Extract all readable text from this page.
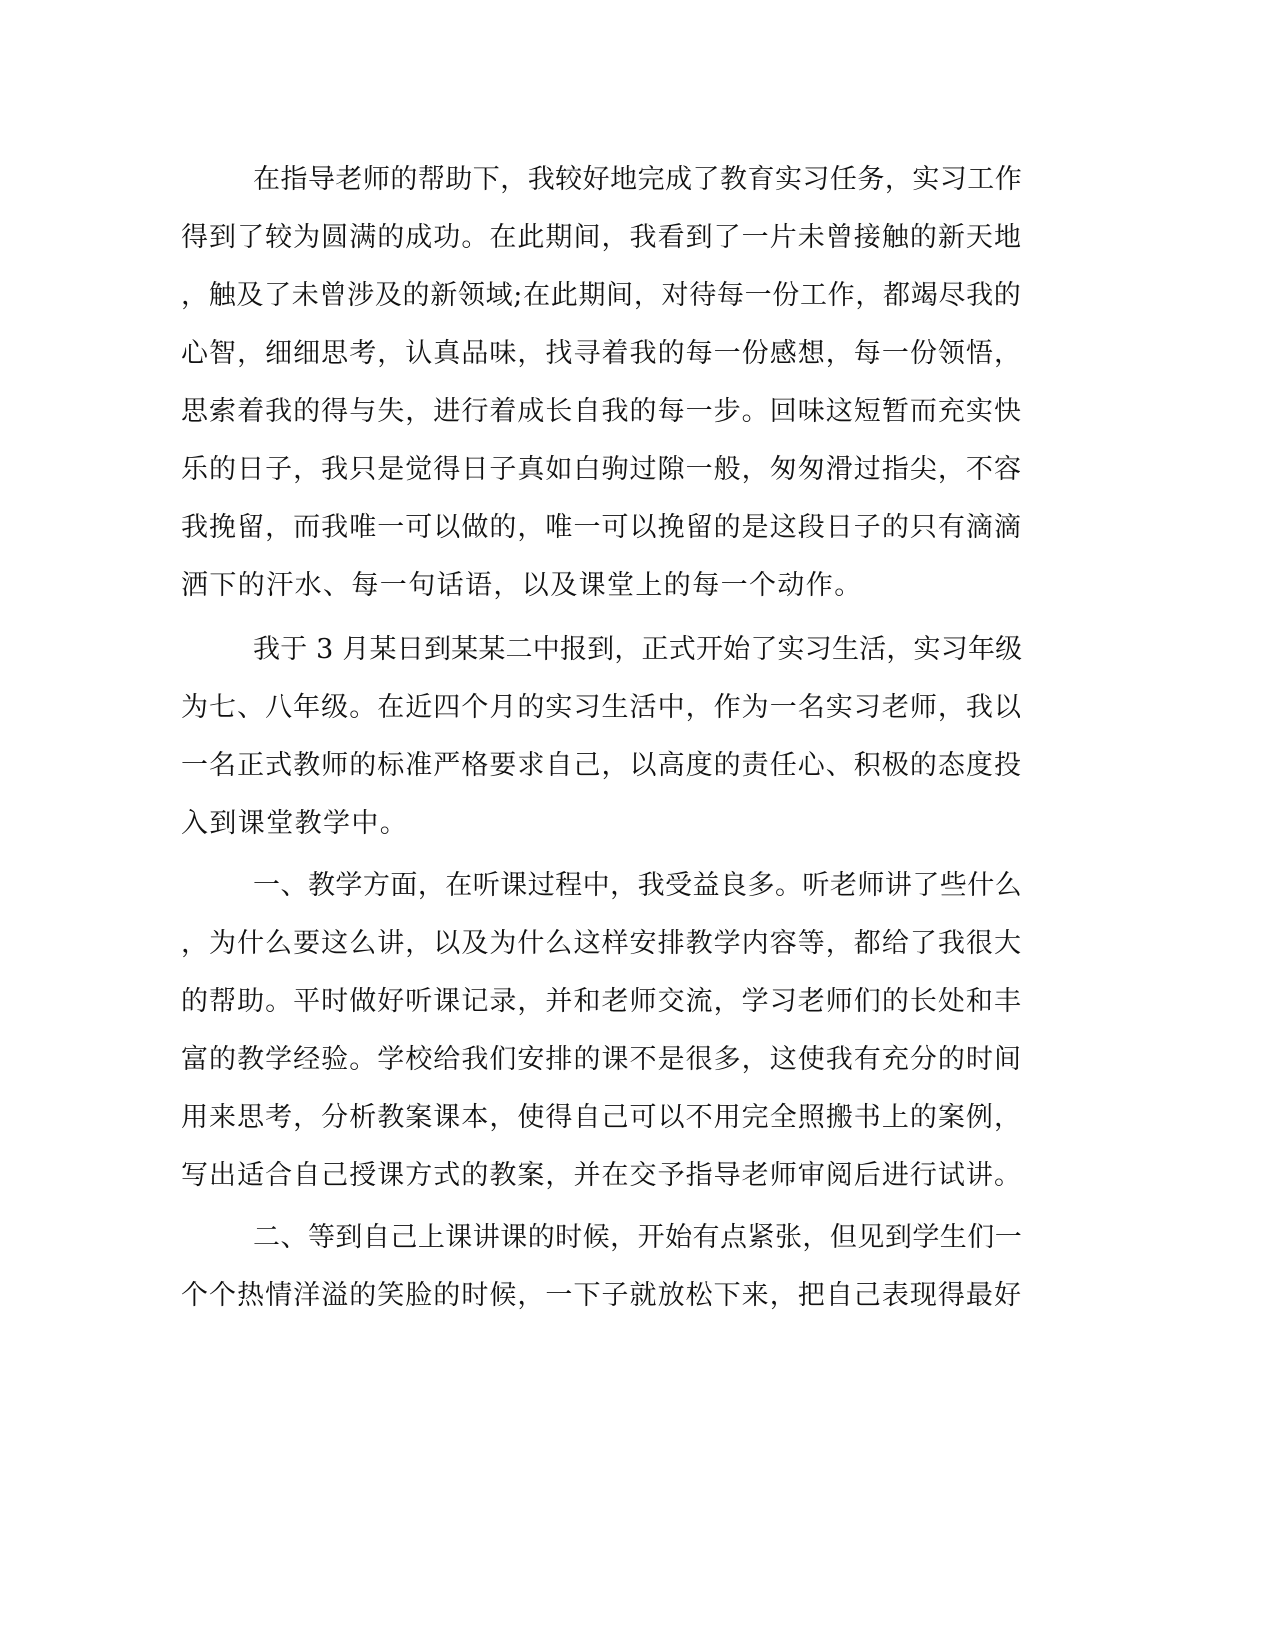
在指导老师的帮助下，我较好地完成了教育实习任务，实习工作
得到了较为圆满的成功。在此期间，我看到了一片未曾接触的新天地
，触及了未曾涉及的新领域;在此期间，对待每一份工作，都竭尽我的
心智，细细思考，认真品味，找寻着我的每一份感想，每一份领悟，
思索着我的得与失，进行着成长自我的每一步。回味这短暂而充实快
乐的日子，我只是觉得日子真如白驹过隙一般，匆匆滑过指尖，不容
我挽留，而我唯一可以做的，唯一可以挽留的是这段日子的只有滴滴
洒下的汗水、每一句话语，以及课堂上的每一个动作。
我于 3 月某日到某某二中报到，正式开始了实习生活，实习年级
为七、八年级。在近四个月的实习生活中，作为一名实习老师，我以
一名正式教师的标准严格要求自己，以高度的责任心、积极的态度投
入到课堂教学中。
一、教学方面，在听课过程中，我受益良多。听老师讲了些什么
，为什么要这么讲，以及为什么这样安排教学内容等，都给了我很大
的帮助。平时做好听课记录，并和老师交流，学习老师们的长处和丰
富的教学经验。学校给我们安排的课不是很多，这使我有充分的时间
用来思考，分析教案课本，使得自己可以不用完全照搬书上的案例，
写出适合自己授课方式的教案，并在交予指导老师审阅后进行试讲。
二、等到自己上课讲课的时候，开始有点紧张，但见到学生们一
个个热情洋溢的笑脸的时候，一下子就放松下来，把自己表现得最好
